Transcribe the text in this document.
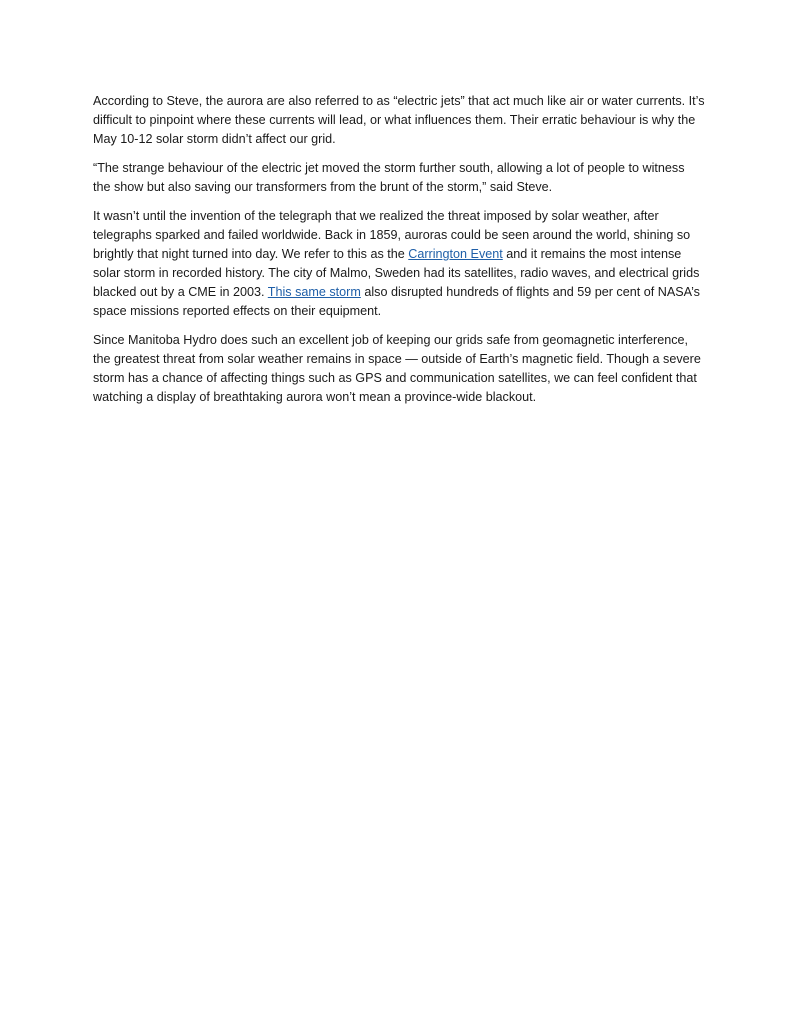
According to Steve, the aurora are also referred to as “electric jets” that act much like air or water currents. It’s difficult to pinpoint where these currents will lead, or what influences them. Their erratic behaviour is why the May 10-12 solar storm didn’t affect our grid.

“The strange behaviour of the electric jet moved the storm further south, allowing a lot of people to witness the show but also saving our transformers from the brunt of the storm,” said Steve.

It wasn’t until the invention of the telegraph that we realized the threat imposed by solar weather, after telegraphs sparked and failed worldwide. Back in 1859, auroras could be seen around the world, shining so brightly that night turned into day. We refer to this as the Carrington Event and it remains the most intense solar storm in recorded history. The city of Malmo, Sweden had its satellites, radio waves, and electrical grids blacked out by a CME in 2003. This same storm also disrupted hundreds of flights and 59 per cent of NASA’s space missions reported effects on their equipment.

Since Manitoba Hydro does such an excellent job of keeping our grids safe from geomagnetic interference, the greatest threat from solar weather remains in space — outside of Earth’s magnetic field. Though a severe storm has a chance of affecting things such as GPS and communication satellites, we can feel confident that watching a display of breathtaking aurora won’t mean a province-wide blackout.
